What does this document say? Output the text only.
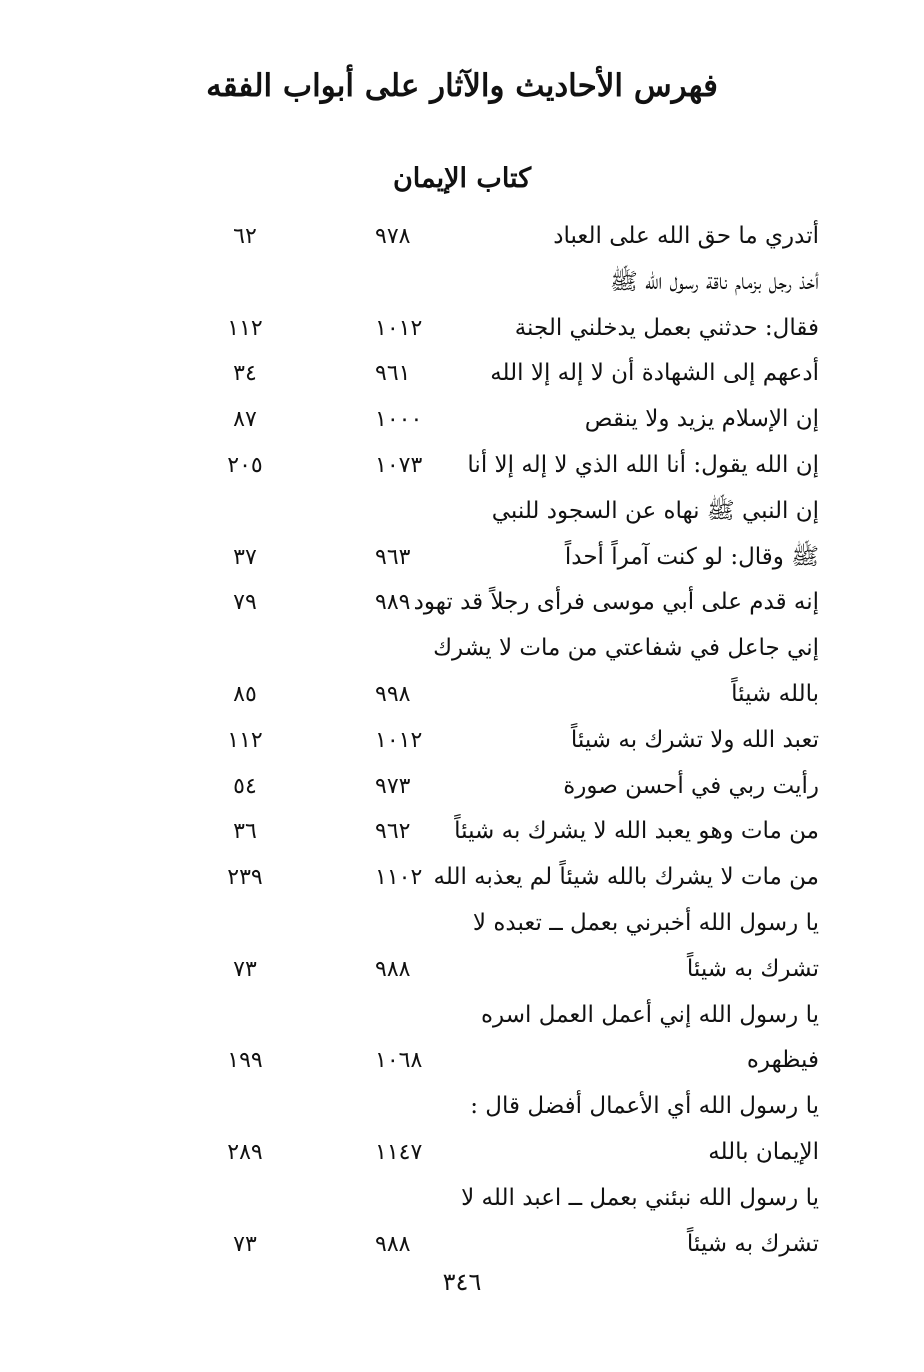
فهرس الأحاديث والآثار على أبواب الفقه
كتاب الإيمان
أتدري ما حق الله على العباد
٩٧٨
٦٢
أخذ رجل بزمام ناقة رسول الله ﷺ
فقال: حدثني بعمل يدخلني الجنة
١٠١٢
١١٢
أدعهم إلى الشهادة أن لا إله إلا الله
٩٦١
٣٤
إن الإسلام يزيد ولا ينقص
١٠٠٠
٨٧
إن الله يقول: أنا الله الذي لا إله إلا أنا
١٠٧٣
٢٠٥
إن النبي ﷺ نهاه عن السجود للنبي
ﷺ وقال: لو كنت آمراً أحداً
٩٦٣
٣٧
إنه قدم على أبي موسى فرأى رجلاً قد تهود
٩٨٩
٧٩
إني جاعل في شفاعتي من مات لا يشرك
بالله شيئاً
٩٩٨
٨٥
تعبد الله ولا تشرك به شيئاً
١٠١٢
١١٢
رأيت ربي في أحسن صورة
٩٧٣
٥٤
من مات وهو يعبد الله لا يشرك به شيئاً
٩٦٢
٣٦
من مات لا يشرك بالله شيئاً لم يعذبه الله
١١٠٢
٢٣٩
يا رسول الله أخبرني بعمل ــ تعبده لا
تشرك به شيئاً
٩٨٨
٧٣
يا رسول الله إني أعمل العمل اسره
فيظهره
١٠٦٨
١٩٩
يا رسول الله أي الأعمال أفضل قال :
الإيمان بالله
١١٤٧
٢٨٩
يا رسول الله نبئني بعمل ــ اعبد الله لا
تشرك به شيئاً
٩٨٨
٧٣
٣٤٦
